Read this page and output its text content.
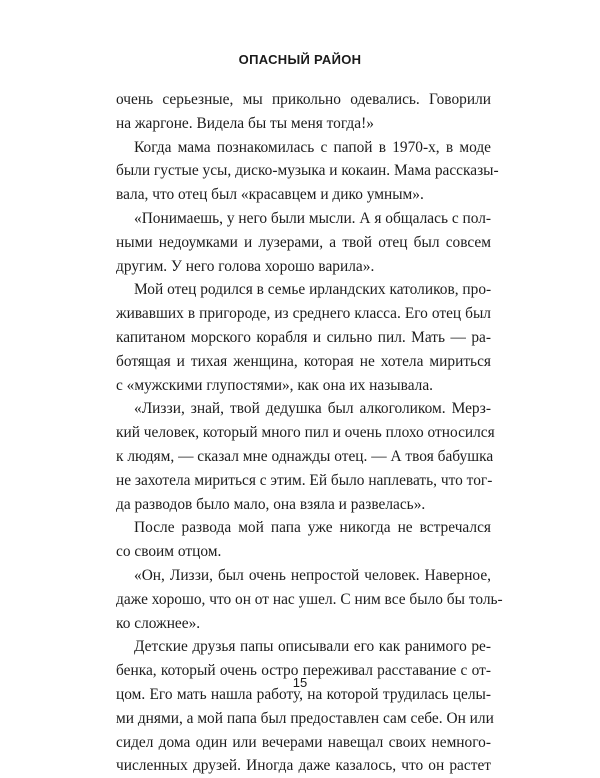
ОПАСНЫЙ РАЙОН
очень серьезные, мы прикольно одевались. Говорили
на жаргоне. Видела бы ты меня тогда!»
Когда мама познакомилась с папой в 1970-х, в моде
были густые усы, диско-музыка и кокаин. Мама рассказы-
вала, что отец был «красавцем и дико умным».
«Понимаешь, у него были мысли. А я общалась с пол-
ными недоумками и лузерами, а твой отец был совсем
другим. У него голова хорошо варила».
Мой отец родился в семье ирландских католиков, про-
живавших в пригороде, из среднего класса. Его отец был
капитаном морского корабля и сильно пил. Мать — ра-
ботящая и тихая женщина, которая не хотела мириться
с «мужскими глупостями», как она их называла.
«Лиззи, знай, твой дедушка был алкоголиком. Мерз-
кий человек, который много пил и очень плохо относился
к людям, — сказал мне однажды отец. — А твоя бабушка
не захотела мириться с этим. Ей было наплевать, что тог-
да разводов было мало, она взяла и развелась».
После развода мой папа уже никогда не встречался
со своим отцом.
«Он, Лиззи, был очень непростой человек. Наверное,
даже хорошо, что он от нас ушел. С ним все было бы толь-
ко сложнее».
Детские друзья папы описывали его как ранимого ре-
бенка, который очень остро переживал расставание с от-
цом. Его мать нашла работу, на которой трудилась целы-
ми днями, а мой папа был предоставлен сам себе. Он или
сидел дома один или вечерами навещал своих немного-
численных друзей. Иногда даже казалось, что он растет
15
